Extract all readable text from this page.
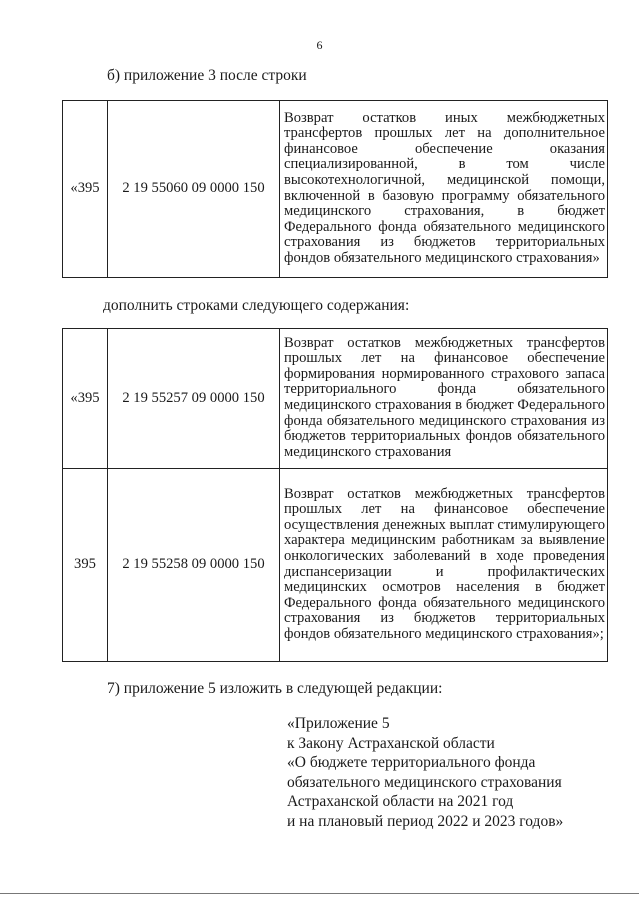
6
б) приложение 3 после строки
«395	2 19 55060 09 0000 150	Возврат остатков иных межбюджетных трансфертов прошлых лет на дополнительное финансовое обеспечение оказания специализированной, в том числе высокотехнологичной, медицинской помощи, включенной в базовую программу обязательного медицинского страхования, в бюджет Федерального фонда обязательного медицинского страхования из бюджетов территориальных фондов обязательного медицинского страхования»
дополнить строками следующего содержания:
«395	2 19 55257 09 0000 150	Возврат остатков межбюджетных трансфертов прошлых лет на финансовое обеспечение формирования нормированного страхового запаса территориального фонда обязательного медицинского страхования в бюджет Федерального фонда обязательного медицинского страхования из бюджетов территориальных фондов обязательного медицинского страхования
395	2 19 55258 09 0000 150	Возврат остатков межбюджетных трансфертов прошлых лет на финансовое обеспечение осуществления денежных выплат стимулирующего характера медицинским работникам за выявление онкологических заболеваний в ходе проведения диспансеризации и профилактических медицинских осмотров населения в бюджет Федерального фонда обязательного медицинского страхования из бюджетов территориальных фондов обязательного медицинского страхования»;
7) приложение 5 изложить в следующей редакции:
«Приложение 5
к Закону Астраханской области
«О бюджете территориального фонда
обязательного медицинского страхования
Астраханской области на 2021 год
и на плановый период 2022 и 2023 годов»
